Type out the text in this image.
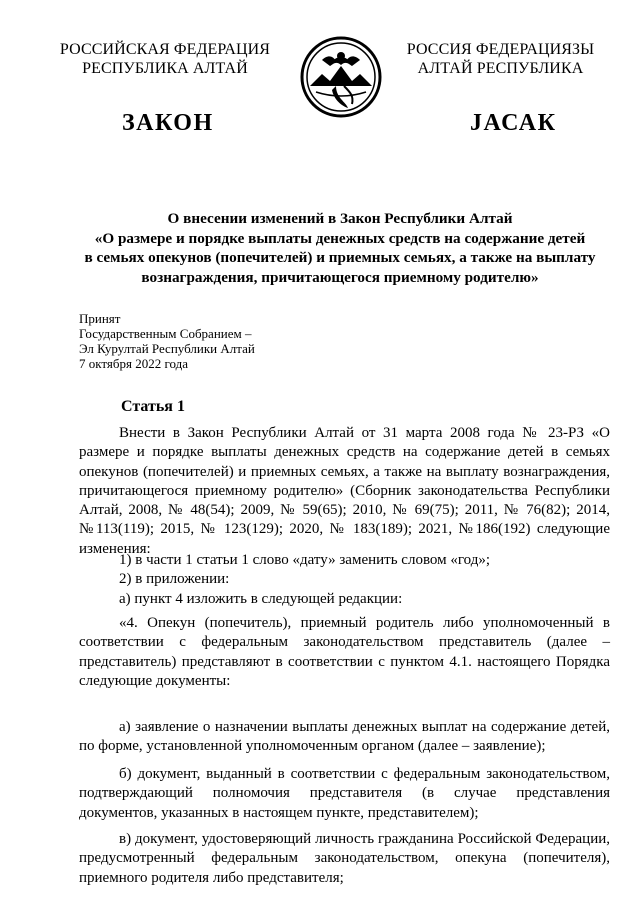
РОССИЙСКАЯ ФЕДЕРАЦИЯ
РЕСПУБЛИКА АЛТАЙ
РОССИЯ ФЕДЕРАЦИЯЗЫ
АЛТАЙ РЕСПУБЛИКА
ЗАКОН	JАСАК
О внесении изменений в Закон Республики Алтай
«О размере и порядке выплаты денежных средств на содержание детей
в семьях опекунов (попечителей) и приемных семьях, а также на выплату
вознаграждения, причитающегося приемному родителю»
Принят
Государственным Собранием –
Эл Курултай Республики Алтай
7 октября 2022 года
Статья 1

Внести в Закон Республики Алтай от 31 марта 2008 года № 23-РЗ «О размере и порядке выплаты денежных средств на содержание детей в семьях опекунов (попечителей) и приемных семьях, а также на выплату вознаграждения, причитающегося приемному родителю» (Сборник законодательства Республики Алтай, 2008, № 48(54); 2009, № 59(65); 2010, № 69(75); 2011, № 76(82); 2014, №113(119); 2015, № 123(129); 2020, № 183(189); 2021, №186(192) следующие изменения:

1) в части 1 статьи 1 слово «дату» заменить словом «год»;

2) в приложении:

а) пункт 4 изложить в следующей редакции:

«4. Опекун (попечитель), приемный родитель либо уполномоченный в соответствии с федеральным законодательством представитель (далее – представитель) представляют в соответствии с пунктом 4.1. настоящего Порядка следующие документы:

а) заявление о назначении выплаты денежных выплат на содержание детей, по форме, установленной уполномоченным органом (далее – заявление);

б) документ, выданный в соответствии с федеральным законодательством, подтверждающий полномочия представителя (в случае представления документов, указанных в настоящем пункте, представителем);

в) документ, удостоверяющий личность гражданина Российской Федерации, предусмотренный федеральным законодательством, опекуна (попечителя), приемного родителя либо представителя;
